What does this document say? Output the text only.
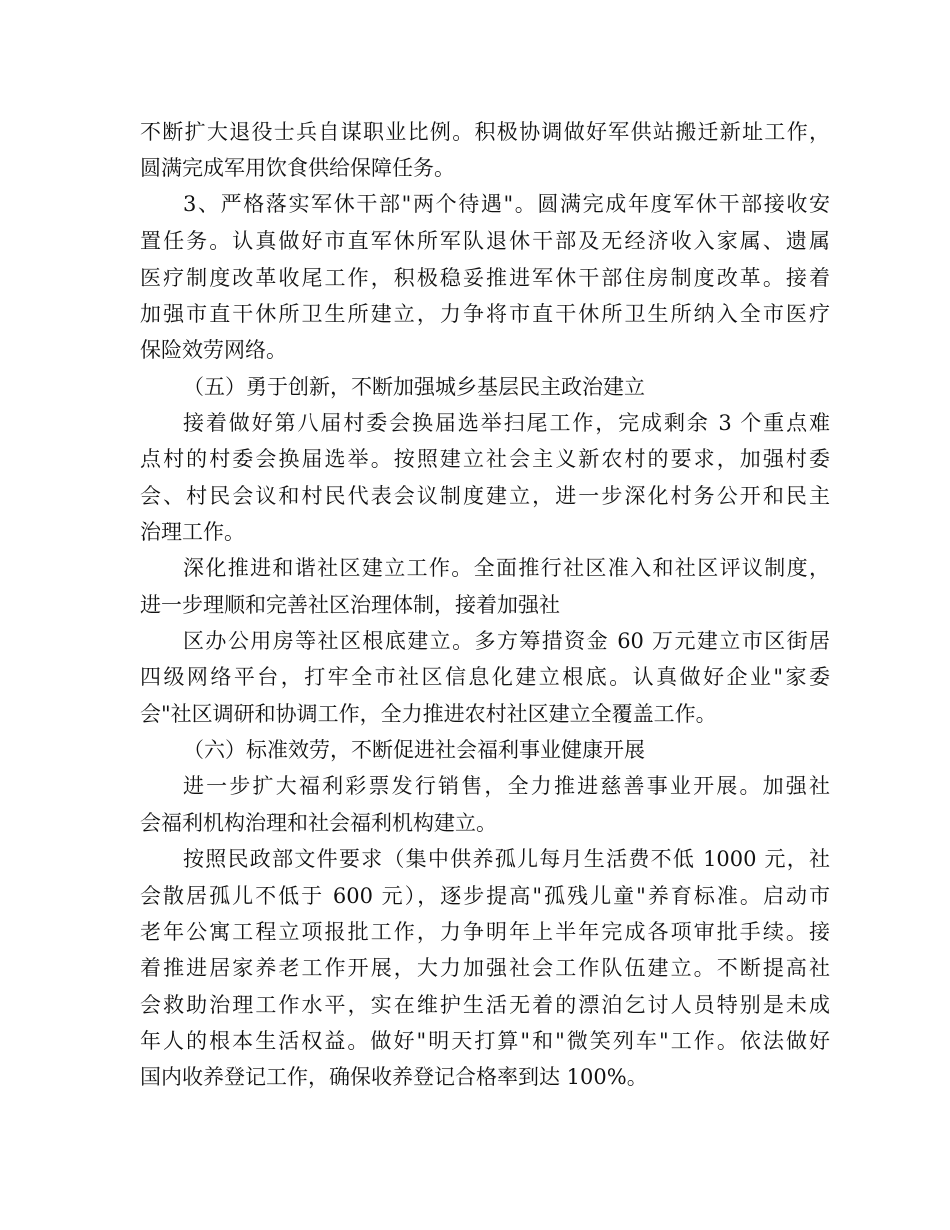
不断扩大退役士兵自谋职业比例。积极协调做好军供站搬迁新址工作，
圆满完成军用饮食供给保障任务。
3、严格落实军休干部"两个待遇"。圆满完成年度军休干部接收安
置任务。认真做好市直军休所军队退休干部及无经济收入家属、遗属
医疗制度改革收尾工作，积极稳妥推进军休干部住房制度改革。接着
加强市直干休所卫生所建立，力争将市直干休所卫生所纳入全市医疗
保险效劳网络。
（五）勇于创新，不断加强城乡基层民主政治建立
接着做好第八届村委会换届选举扫尾工作，完成剩余 3 个重点难
点村的村委会换届选举。按照建立社会主义新农村的要求，加强村委
会、村民会议和村民代表会议制度建立，进一步深化村务公开和民主
治理工作。
深化推进和谐社区建立工作。全面推行社区准入和社区评议制度，
进一步理顺和完善社区治理体制，接着加强社
区办公用房等社区根底建立。多方筹措资金 60 万元建立市区街居
四级网络平台，打牢全市社区信息化建立根底。认真做好企业"家委
会"社区调研和协调工作，全力推进农村社区建立全覆盖工作。
（六）标准效劳，不断促进社会福利事业健康开展
进一步扩大福利彩票发行销售，全力推进慈善事业开展。加强社
会福利机构治理和社会福利机构建立。
按照民政部文件要求（集中供养孤儿每月生活费不低 1000 元，社
会散居孤儿不低于 600 元），逐步提高"孤残儿童"养育标准。启动市
老年公寓工程立项报批工作，力争明年上半年完成各项审批手续。接
着推进居家养老工作开展，大力加强社会工作队伍建立。不断提高社
会救助治理工作水平，实在维护生活无着的漂泊乞讨人员特别是未成
年人的根本生活权益。做好"明天打算"和"微笑列车"工作。依法做好
国内收养登记工作，确保收养登记合格率到达 100%。
